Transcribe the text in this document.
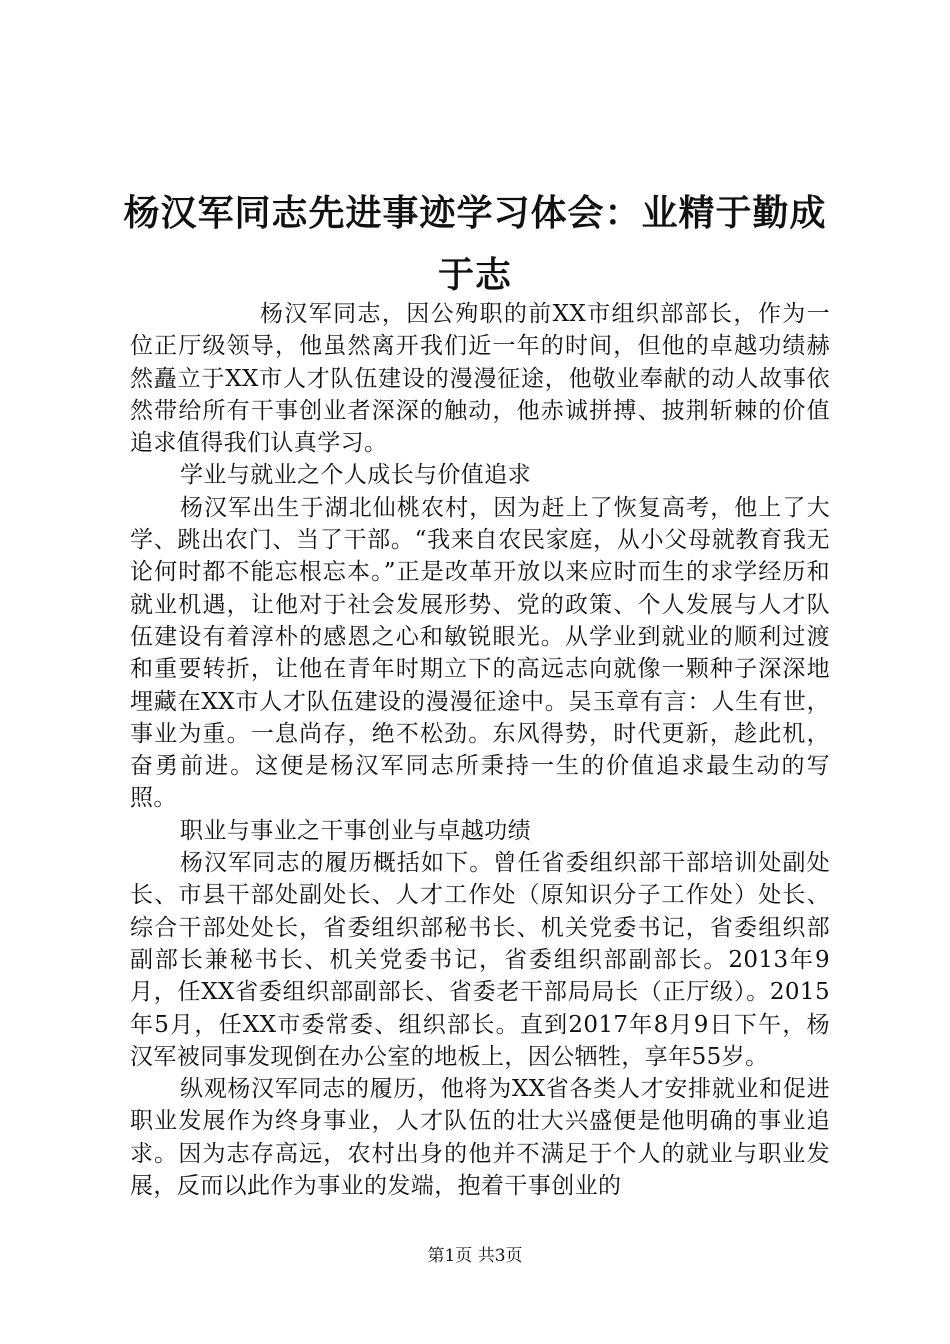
杨汉军同志先进事迹学习体会：业精于勤成于志

杨汉军同志，因公殉职的前XX市组织部部长，作为一位正厅级领导，他虽然离开我们近一年的时间，但他的卓越功绩赫然矗立于XX市人才队伍建设的漫漫征途，他敬业奉献的动人故事依然带给所有干事创业者深深的触动，他赤诚拼搏、披荆斩棘的价值追求值得我们认真学习。

学业与就业之个人成长与价值追求

杨汉军出生于湖北仙桃农村，因为赶上了恢复高考，他上了大学、跳出农门、当了干部。“我来自农民家庭，从小父母就教育我无论何时都不能忘根忘本。”正是改革开放以来应时而生的求学经历和就业机遇，让他对于社会发展形势、党的政策、个人发展与人才队伍建设有着淳朴的感恩之心和敏锐眼光。从学业到就业的顺利过渡和重要转折，让他在青年时期立下的高远志向就像一颗种子深深地埋藏在XX市人才队伍建设的漫漫征途中。吴玉章有言：人生有世，事业为重。一息尚存，绝不松劲。东风得势，时代更新，趁此机，奋勇前进。这便是杨汉军同志所秉持一生的价值追求最生动的写照。

职业与事业之干事创业与卓越功绩

杨汉军同志的履历概括如下。曾任省委组织部干部培训处副处长、市县干部处副处长、人才工作处（原知识分子工作处）处长、综合干部处处长，省委组织部秘书长、机关党委书记，省委组织部副部长兼秘书长、机关党委书记，省委组织部副部长。2013年9月，任XX省委组织部副部长、省委老干部局局长（正厅级）。2015年5月，任XX市委常委、组织部长。直到2017年8月9日下午，杨汉军被同事发现倒在办公室的地板上，因公牺牲，享年55岁。

纵观杨汉军同志的履历，他将为XX省各类人才安排就业和促进职业发展作为终身事业，人才队伍的壮大兴盛便是他明确的事业追求。因为志存高远，农村出身的他并不满足于个人的就业与职业发展，反而以此作为事业的发端，抱着干事创业的

第1页 共3页
